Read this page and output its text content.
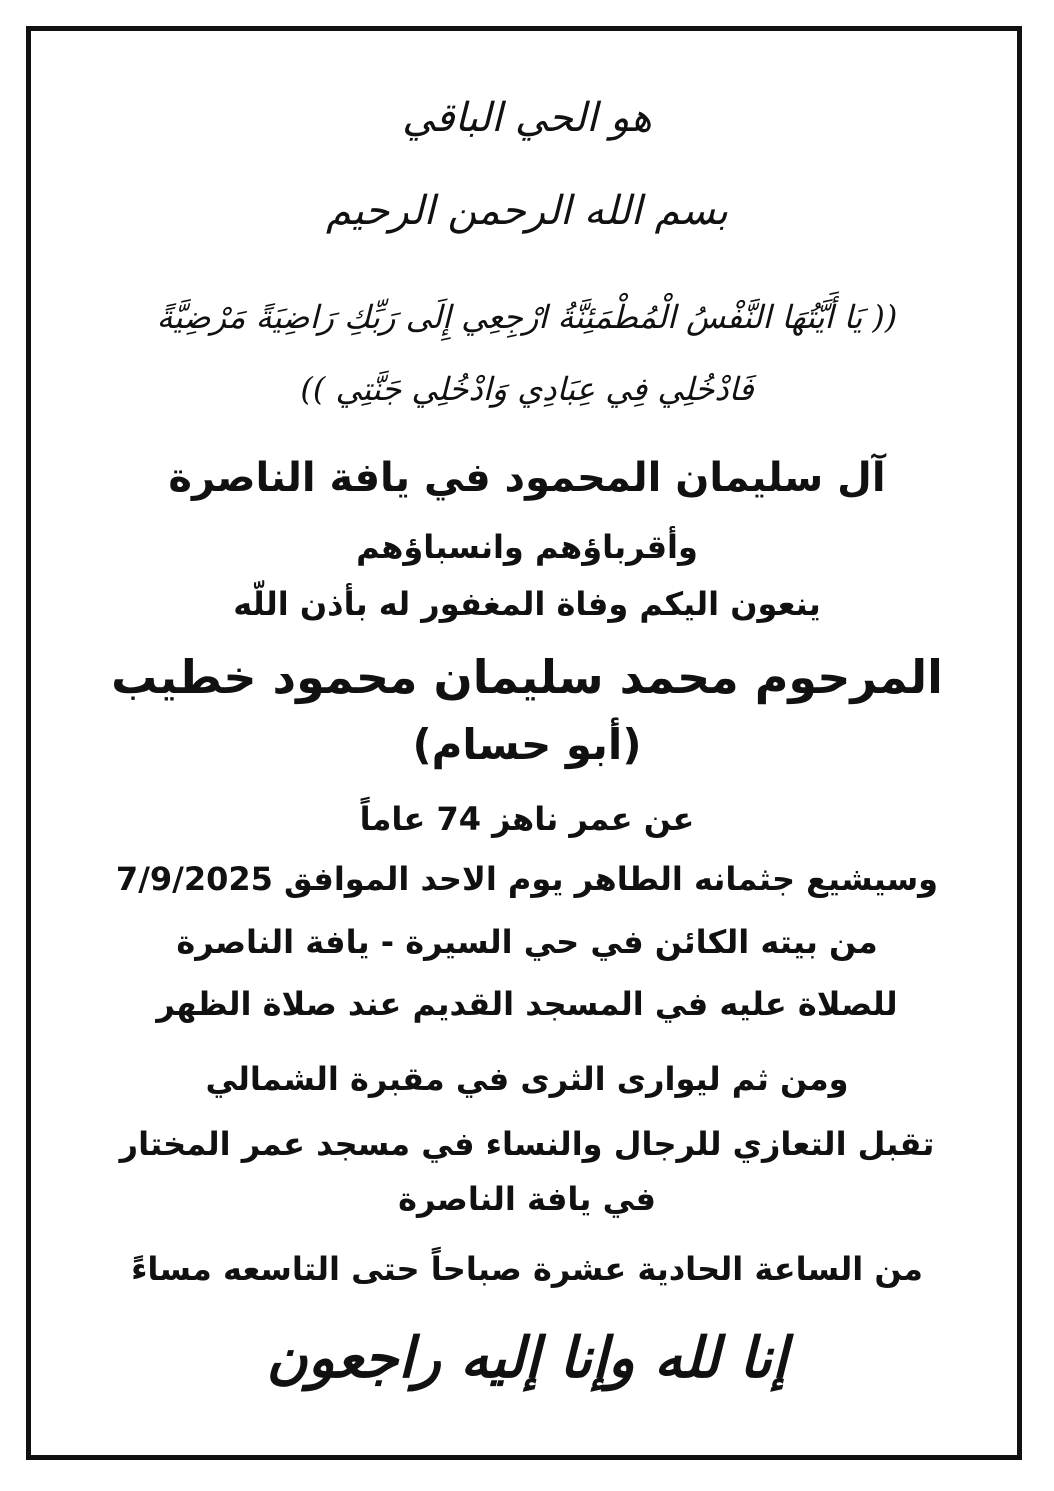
هو الحي الباقي

بسم الله الرحمن الرحيم

(( يَا أَيَّتُهَا النَّفْسُ الْمُطْمَئِنَّةُ ارْجِعِي إِلَى رَبِّكِ رَاضِيَةً مَرْضِيَّةً

فَادْخُلِي فِي عِبَادِي وَادْخُلِي جَنَّتِي ))

آل سليمان المحمود في يافة الناصرة

وأقرباؤهم وانسباؤهم

ينعون اليكم وفاة المغفور له بأذن اللّه

المرحوم محمد سليمان محمود خطيب

(أبو حسام)

عن عمر ناهز 74 عاماً

وسيشيع جثمانه الطاهر يوم الاحد الموافق 7/9/2025

من بيته الكائن في حي السيرة - يافة الناصرة

للصلاة عليه في المسجد القديم عند صلاة الظهر

ومن ثم ليوارى الثرى في مقبرة الشمالي

تقبل التعازي للرجال والنساء في مسجد عمر المختار

في يافة الناصرة

من الساعة الحادية عشرة صباحاً حتى التاسعه مساءً

إنا لله وإنا إليه راجعون
